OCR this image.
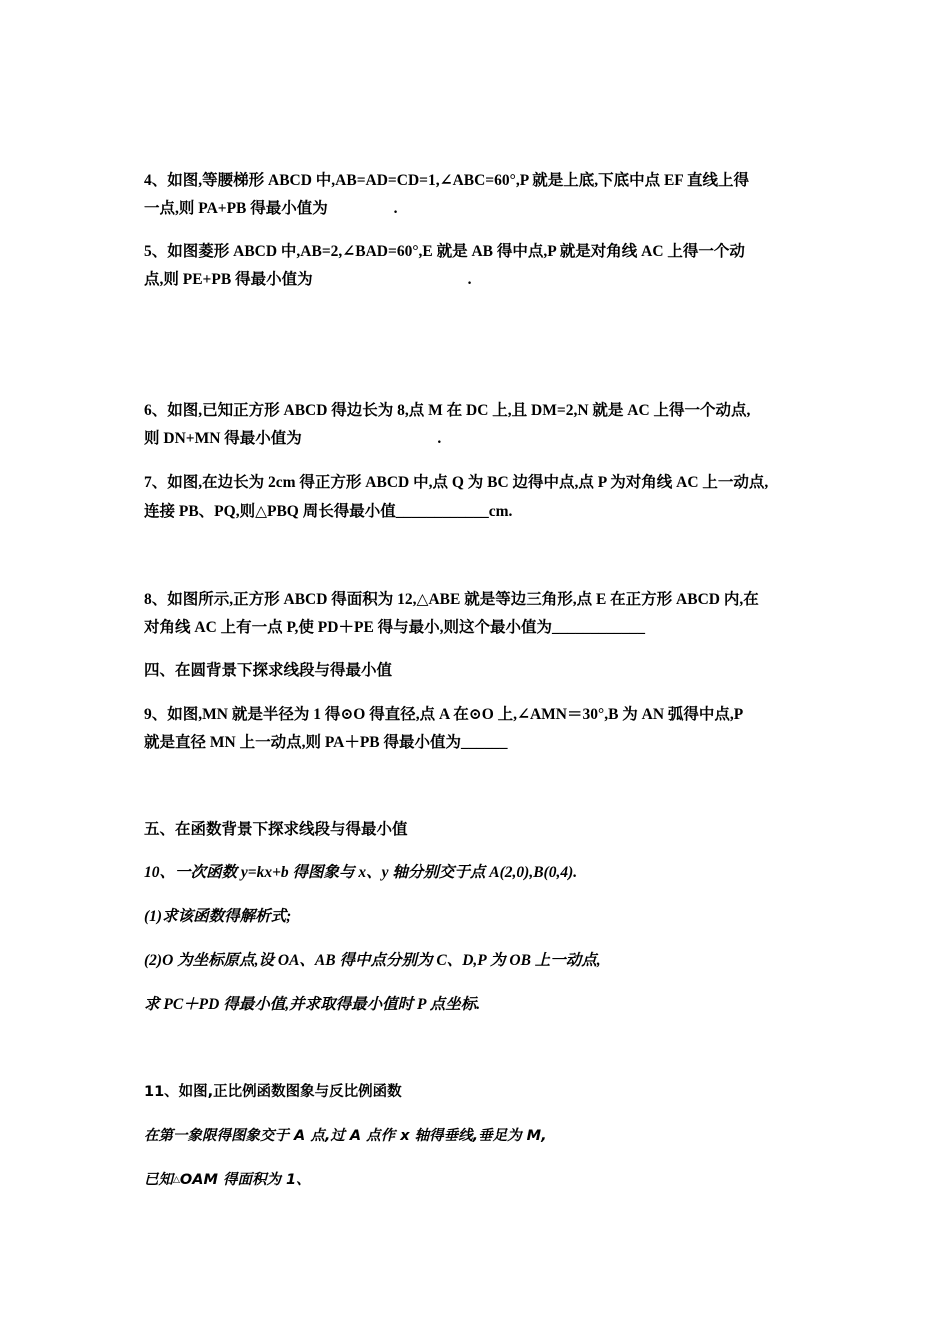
4、如图,等腰梯形 ABCD 中,AB=AD=CD=1,∠ABC=60°,P 就是上底,下底中点 EF 直线上得

一点,则 PA+PB 得最小值为                 .

5、如图菱形 ABCD 中,AB=2,∠BAD=60°,E 就是 AB 得中点,P 就是对角线 AC 上得一个动

点,则 PE+PB 得最小值为                                        .

6、如图,已知正方形 ABCD 得边长为 8,点 M 在 DC 上,且 DM=2,N 就是 AC 上得一个动点,

则 DN+MN 得最小值为                                   .

7、如图,在边长为 2cm 得正方形 ABCD 中,点 Q 为 BC 边得中点,点 P 为对角线 AC 上一动点,

连接 PB、PQ,则△PBQ 周长得最小值____________cm.

8、如图所示,正方形 ABCD 得面积为 12,△ABE 就是等边三角形,点 E 在正方形 ABCD 内,在

对角线 AC 上有一点 P,使 PD＋PE 得与最小,则这个最小值为____________

四、在圆背景下探求线段与得最小值

9、如图,MN 就是半径为 1 得⊙O 得直径,点 A 在⊙O 上,∠AMN＝30°,B 为 AN 弧得中点,P

就是直径 MN 上一动点,则 PA＋PB 得最小值为______

五、在函数背景下探求线段与得最小值

10、一次函数 y=kx+b 得图象与 x、y 轴分别交于点 A(2,0),B(0,4).

(1)求该函数得解析式;

(2)O 为坐标原点,设 OA、AB 得中点分别为 C、D,P 为 OB 上一动点,

求 PC＋PD 得最小值,并求取得最小值时 P 点坐标.

11、如图,正比例函数图象与反比例函数

在第一象限得图象交于 A 点,过 A 点作 x 轴得垂线,垂足为 M,

已知△OAM 得面积为 1、
